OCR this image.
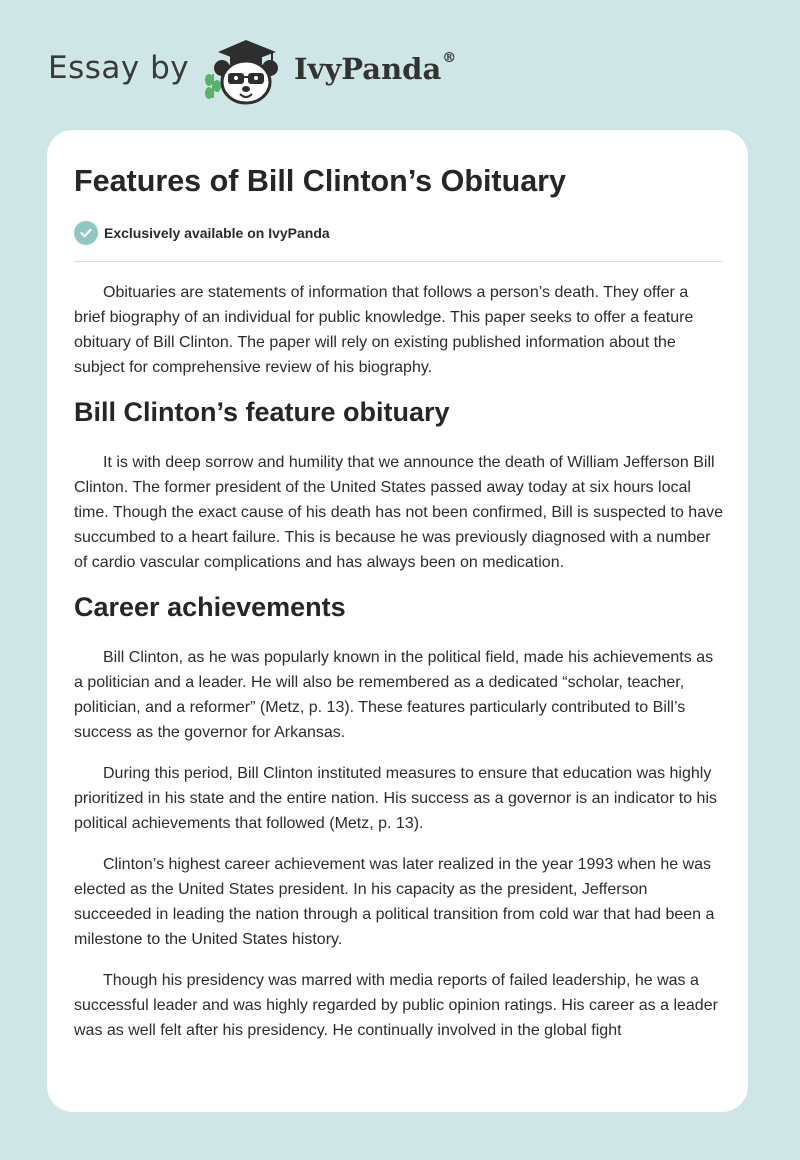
Essay by	IvyPanda®
Features of Bill Clinton’s Obituary
Exclusively available on IvyPanda

Obituaries are statements of information that follows a person’s death. They offer a brief biography of an individual for public knowledge. This paper seeks to offer a feature obituary of Bill Clinton. The paper will rely on existing published information about the subject for comprehensive review of his biography.

Bill Clinton’s feature obituary

It is with deep sorrow and humility that we announce the death of William Jefferson Bill Clinton. The former president of the United States passed away today at six hours local time. Though the exact cause of his death has not been confirmed, Bill is suspected to have succumbed to a heart failure. This is because he was previously diagnosed with a number of cardio vascular complications and has always been on medication.

Career achievements

Bill Clinton, as he was popularly known in the political field, made his achievements as a politician and a leader. He will also be remembered as a dedicated “scholar, teacher, politician, and a reformer” (Metz, p. 13). These features particularly contributed to Bill’s success as the governor for Arkansas.

During this period, Bill Clinton instituted measures to ensure that education was highly prioritized in his state and the entire nation. His success as a governor is an indicator to his political achievements that followed (Metz, p. 13).

Clinton’s highest career achievement was later realized in the year 1993 when he was elected as the United States president. In his capacity as the president, Jefferson succeeded in leading the nation through a political transition from cold war that had been a milestone to the United States history.

Though his presidency was marred with media reports of failed leadership, he was a successful leader and was highly regarded by public opinion ratings. His career as a leader was as well felt after his presidency. He continually involved in the global fight
